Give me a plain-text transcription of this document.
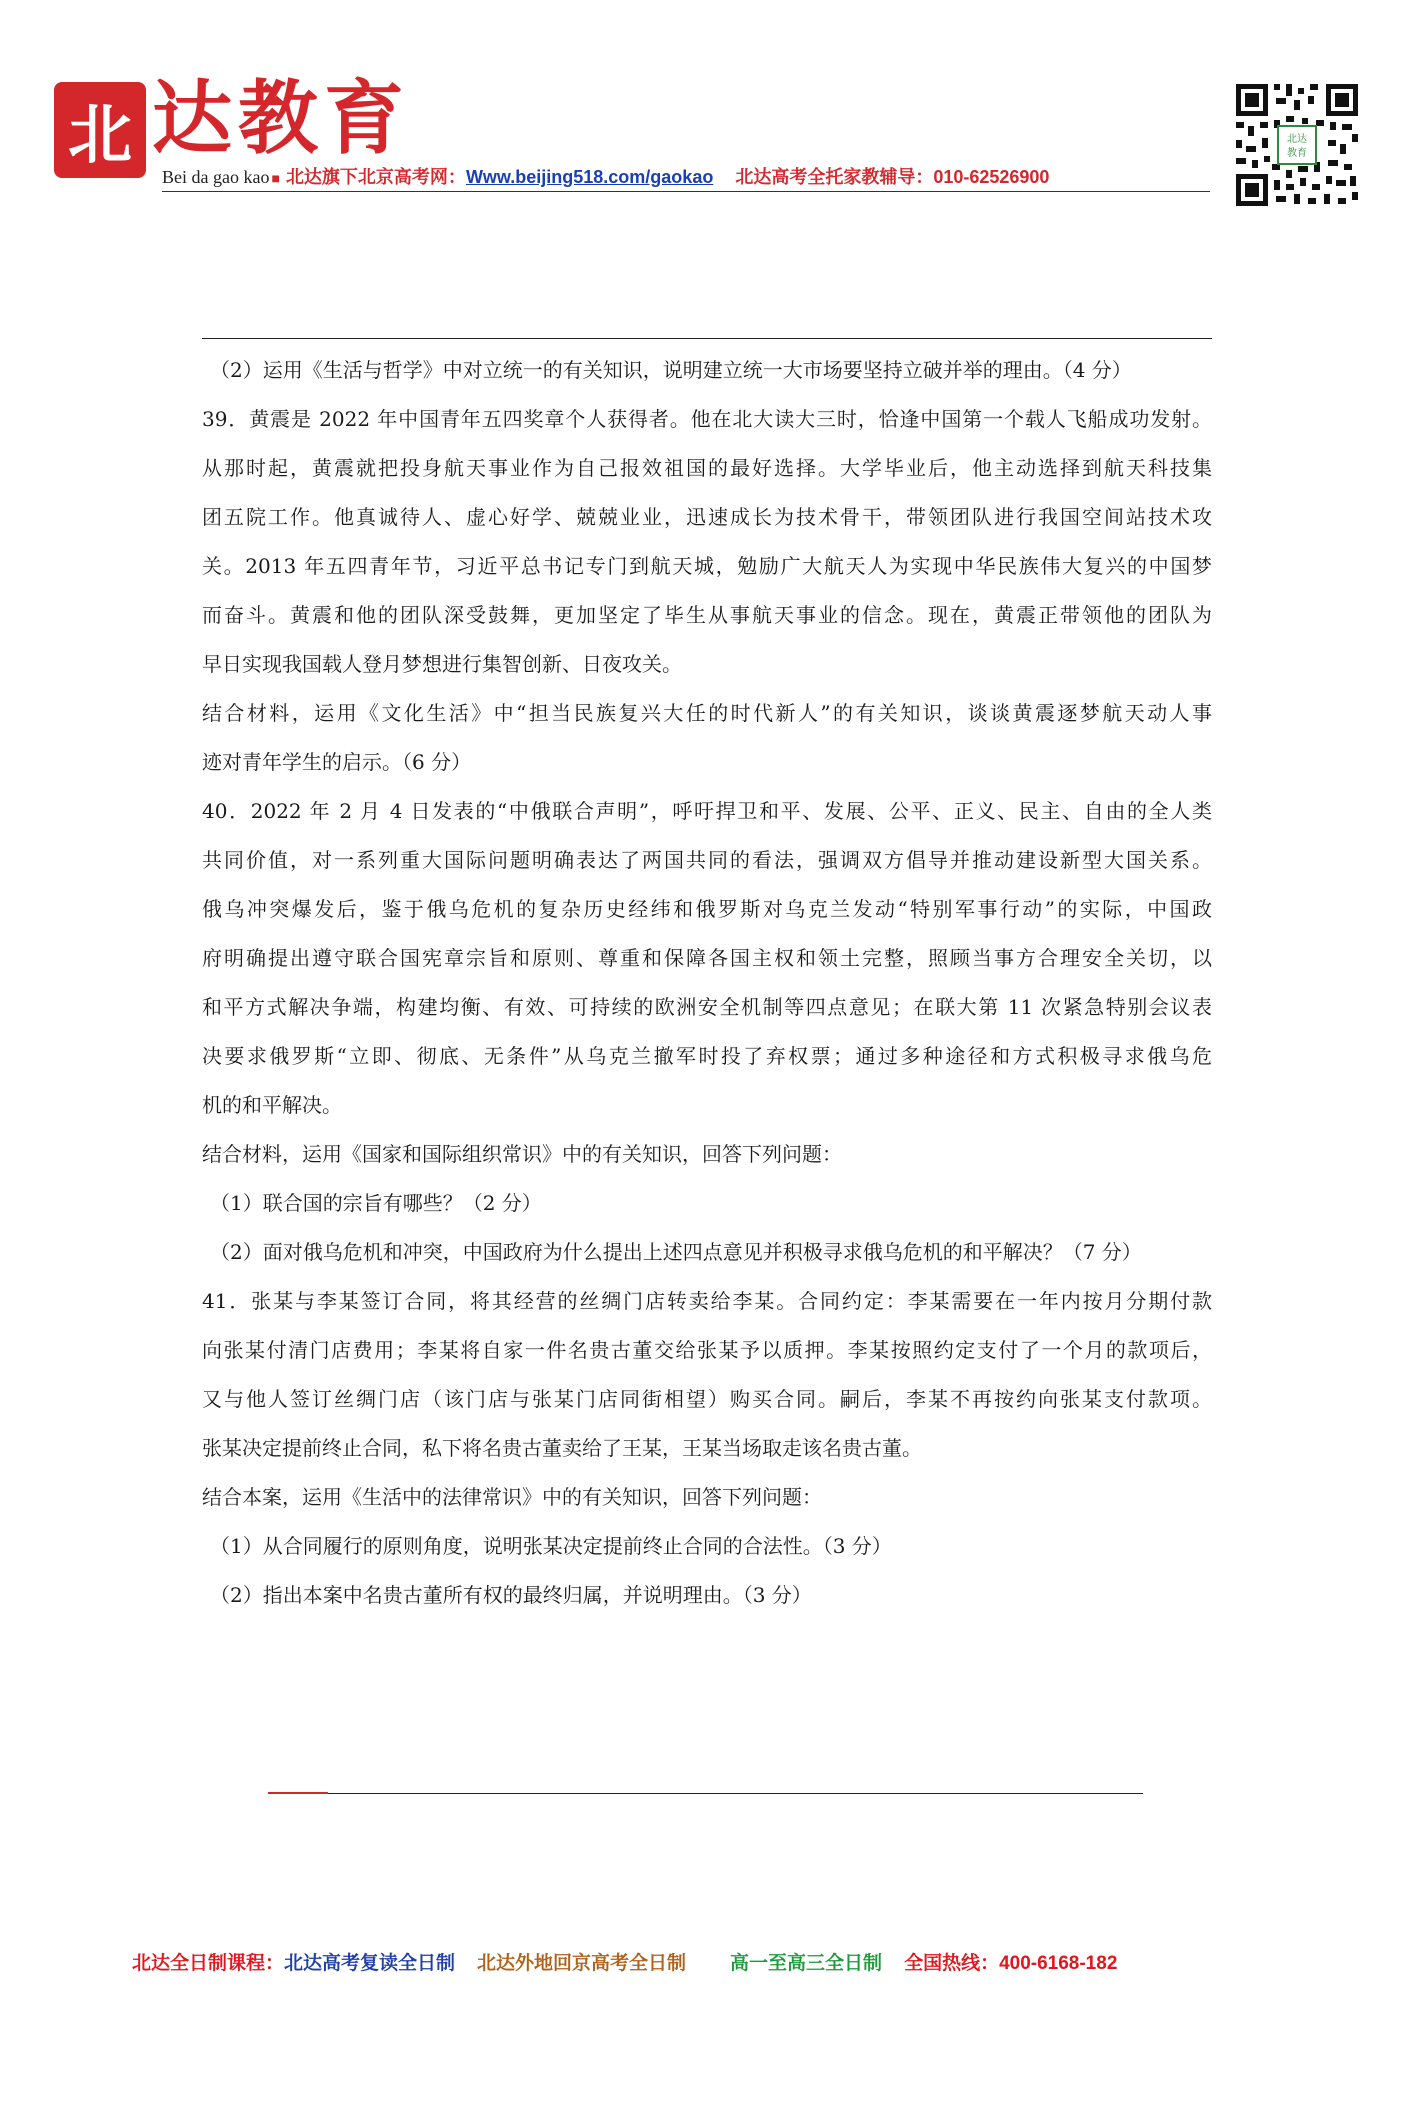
北 达教育
Bei da gao kao ■ 北达旗下北京高考网：Www.beijing518.com/gaokao 北达高考全托家教辅导：010-62526900
北达
教育

（2）运用《生活与哲学》中对立统一的有关知识，说明建立统一大市场要坚持立破并举的理由。（4 分）

39．黄震是 2022 年中国青年五四奖章个人获得者。他在北大读大三时，恰逢中国第一个载人飞船成功发射。

从那时起，黄震就把投身航天事业作为自己报效祖国的最好选择。大学毕业后，他主动选择到航天科技集

团五院工作。他真诚待人、虚心好学、兢兢业业，迅速成长为技术骨干，带领团队进行我国空间站技术攻

关。2013 年五四青年节，习近平总书记专门到航天城，勉励广大航天人为实现中华民族伟大复兴的中国梦

而奋斗。黄震和他的团队深受鼓舞，更加坚定了毕生从事航天事业的信念。现在，黄震正带领他的团队为

早日实现我国载人登月梦想进行集智创新、日夜攻关。

结合材料，运用《文化生活》中“担当民族复兴大任的时代新人”的有关知识，谈谈黄震逐梦航天动人事

迹对青年学生的启示。（6 分）

40．2022 年 2 月 4 日发表的“中俄联合声明”，呼吁捍卫和平、发展、公平、正义、民主、自由的全人类

共同价值，对一系列重大国际问题明确表达了两国共同的看法，强调双方倡导并推动建设新型大国关系。

俄乌冲突爆发后，鉴于俄乌危机的复杂历史经纬和俄罗斯对乌克兰发动“特别军事行动”的实际，中国政

府明确提出遵守联合国宪章宗旨和原则、尊重和保障各国主权和领土完整，照顾当事方合理安全关切，以

和平方式解决争端，构建均衡、有效、可持续的欧洲安全机制等四点意见；在联大第 11 次紧急特别会议表

决要求俄罗斯“立即、彻底、无条件”从乌克兰撤军时投了弃权票；通过多种途径和方式积极寻求俄乌危

机的和平解决。

结合材料，运用《国家和国际组织常识》中的有关知识，回答下列问题：

（1）联合国的宗旨有哪些？（2 分）

（2）面对俄乌危机和冲突，中国政府为什么提出上述四点意见并积极寻求俄乌危机的和平解决？（7 分）

41．张某与李某签订合同，将其经营的丝绸门店转卖给李某。合同约定：李某需要在一年内按月分期付款

向张某付清门店费用；李某将自家一件名贵古董交给张某予以质押。李某按照约定支付了一个月的款项后，

又与他人签订丝绸门店（该门店与张某门店同街相望）购买合同。嗣后，李某不再按约向张某支付款项。

张某决定提前终止合同，私下将名贵古董卖给了王某，王某当场取走该名贵古董。

结合本案，运用《生活中的法律常识》中的有关知识，回答下列问题：

（1）从合同履行的原则角度，说明张某决定提前终止合同的合法性。（3 分）

（2）指出本案中名贵古董所有权的最终归属，并说明理由。（3 分）

北达全日制课程：北达高考复读全日制 北达外地回京高考全日制 高一至高三全日制 全国热线：400-6168-182
